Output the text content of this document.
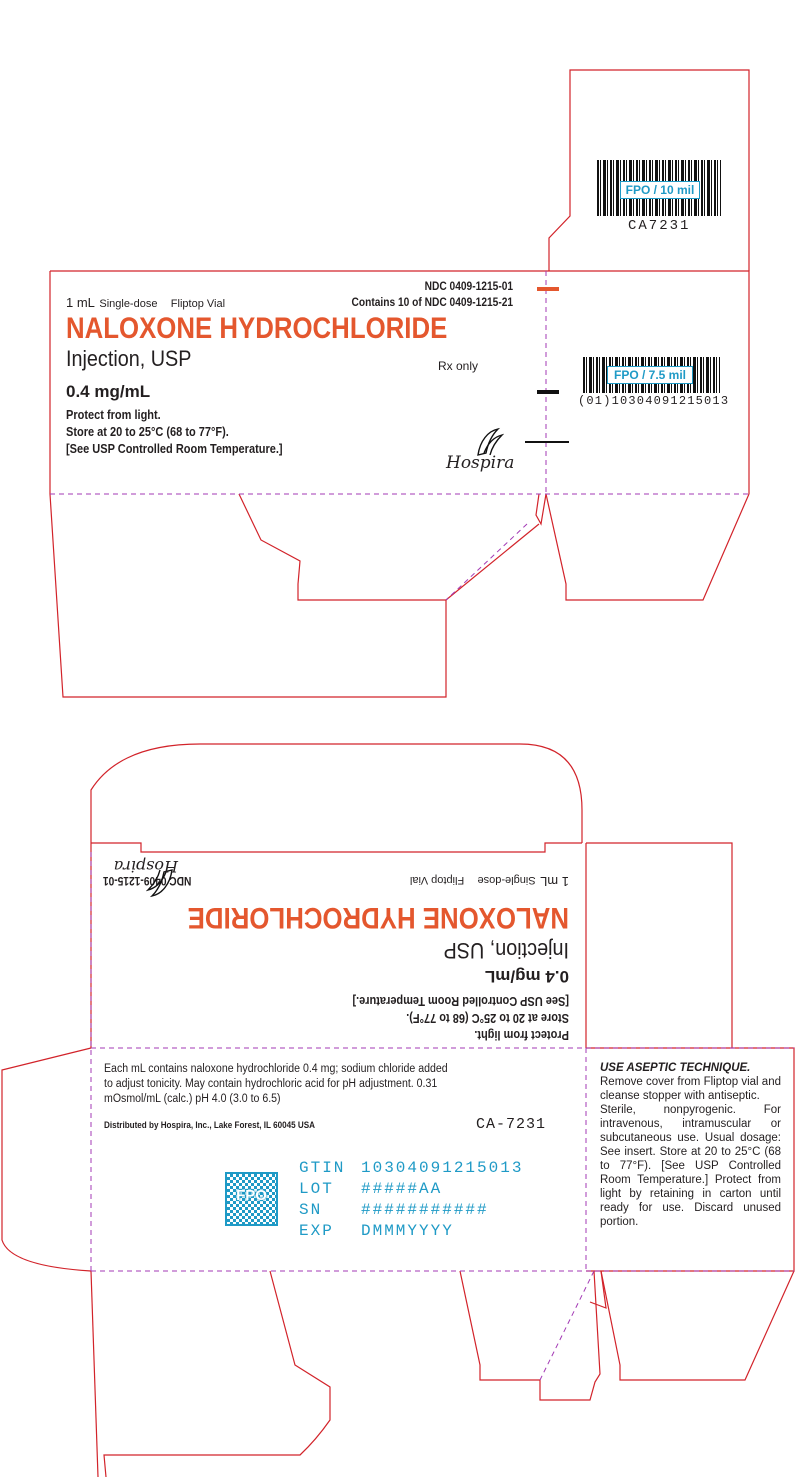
FPO / 10 mil
CA7231
1 mL Single-dose Fliptop Vial
NDC 0409-1215-01
Contains 10 of NDC 0409-1215-21
NALOXONE HYDROCHLORIDE
Injection, USP	Rx only
0.4 mg/mL
Protect from light.
Store at 20 to 25°C (68 to 77°F).
[See USP Controlled Room Temperature.]
Hospira
FPO / 7.5 mil
(01)10304091215013
1 mL Single-dose   Fliptop Vial
NDC 0409-1215-01
NALOXONE HYDROCHLORIDE
Injection, USP
0.4 mg/mL
Protect from light.
Store at 20 to 25°C (68 to 77°F).
[See USP Controlled Room Temperature.]
Hospira
Each mL contains naloxone hydrochloride 0.4 mg; sodium chloride added to adjust tonicity. May contain hydrochloric acid for pH adjustment. 0.31 mOsmol/mL (calc.) pH 4.0 (3.0 to 6.5)
Distributed by Hospira, Inc., Lake Forest, IL 60045 USA	CA-7231
FPO
GTIN 10304091215013
LOT #####AA
SN ###########
EXP DMMMYYYY
USE ASEPTIC TECHNIQUE.
Remove cover from Fliptop vial and cleanse stopper with antiseptic.
Sterile, nonpyrogenic. For intravenous, intramuscular or subcutaneous use. Usual dosage: See insert. Store at 20 to 25°C (68 to 77°F). [See USP Controlled Room Temperature.] Protect from light by retaining in carton until ready for use. Discard unused portion.
